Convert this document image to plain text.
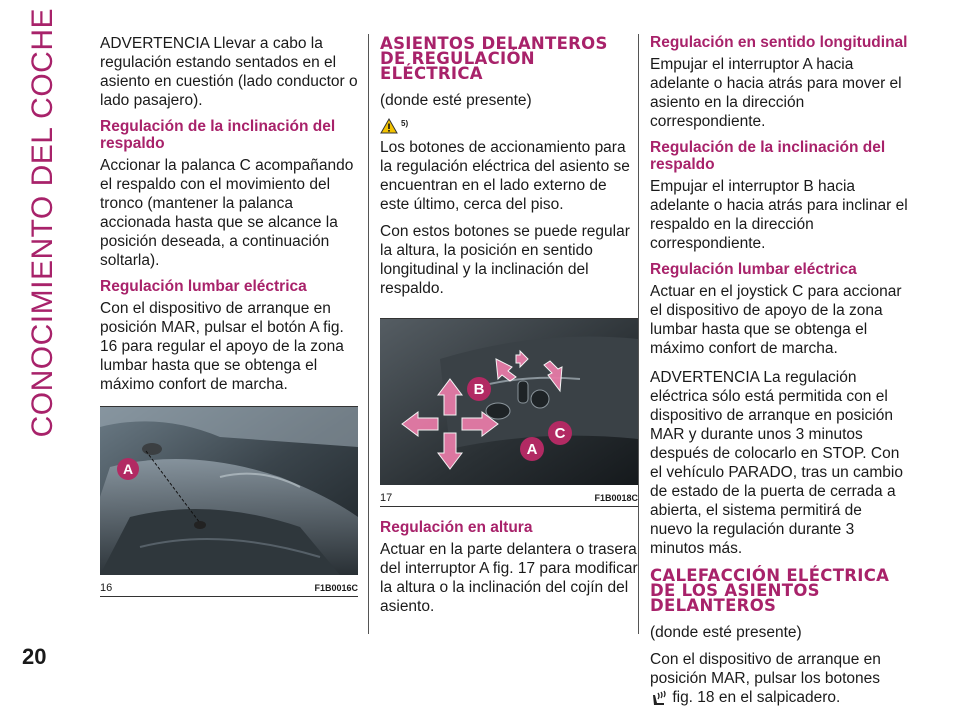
CONOCIMIENTO DEL COCHE
20

ADVERTENCIA Llevar a cabo la regulación estando sentados en el asiento en cuestión (lado conductor o lado pasajero).

Regulación de la inclinación del respaldo

Accionar la palanca C acompañando el respaldo con el movimiento del tronco (mantener la palanca accionada hasta que se alcance la posición deseada, a continuación soltarla).

Regulación lumbar eléctrica

Con el dispositivo de arranque en posición MAR, pulsar el botón A fig. 16 para regular el apoyo de la zona lumbar hasta que se obtenga el máximo confort de marcha.

A
16	F1B0016C
ASIENTOS DELANTEROS DE REGULACIÓN ELÉCTRICA

(donde esté presente)

5)

Los botones de accionamiento para la regulación eléctrica del asiento se encuentran en el lado externo de este último, cerca del piso.

Con estos botones se puede regular la altura, la posición en sentido longitudinal y la inclinación del respaldo.

B
C
A
17	F1B0018C
Regulación en altura

Actuar en la parte delantera o trasera del interruptor A fig. 17 para modificar la altura o la inclinación del cojín del asiento.

Regulación en sentido longitudinal

Empujar el interruptor A hacia adelante o hacia atrás para mover el asiento en la dirección correspondiente.

Regulación de la inclinación del respaldo

Empujar el interruptor B hacia adelante o hacia atrás para inclinar el respaldo en la dirección correspondiente.

Regulación lumbar eléctrica

Actuar en el joystick C para accionar el dispositivo de apoyo de la zona lumbar hasta que se obtenga el máximo confort de marcha.

ADVERTENCIA La regulación eléctrica sólo está permitida con el dispositivo de arranque en posición MAR y durante unos 3 minutos después de colocarlo en STOP. Con el vehículo PARADO, tras un cambio de estado de la puerta de cerrada a abierta, el sistema permitirá de nuevo la regulación durante 3 minutos más.

CALEFACCIÓN ELÉCTRICA DE LOS ASIENTOS DELANTEROS

(donde esté presente)

Con el dispositivo de arranque en posición MAR, pulsar los botones
fig. 18 en el salpicadero.
